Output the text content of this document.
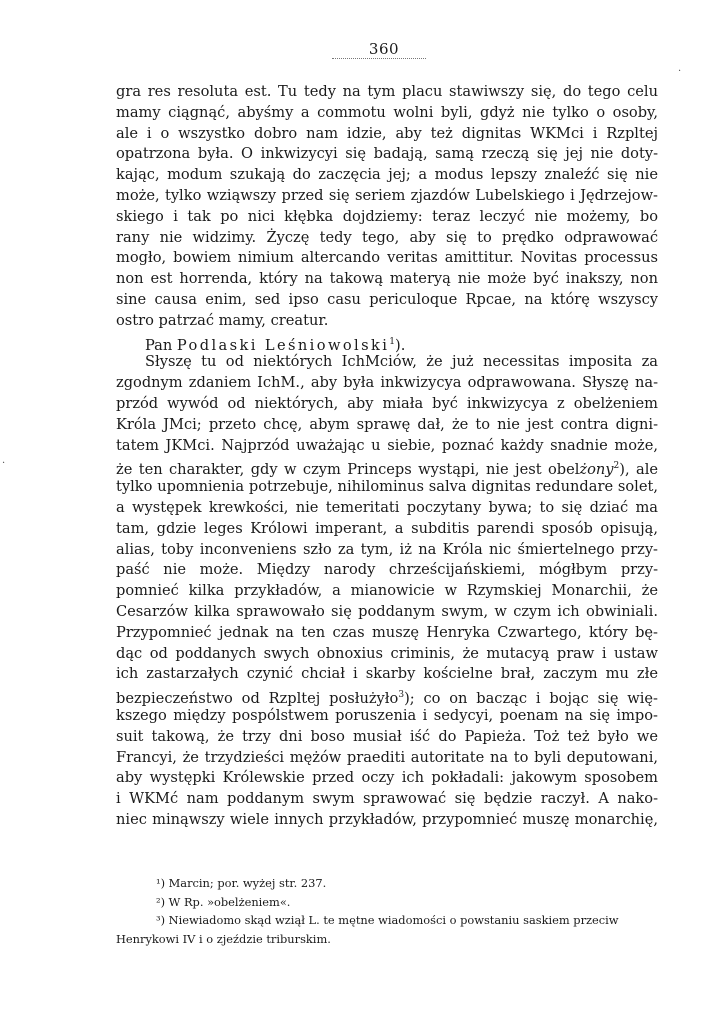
360
·
·
gra res resoluta est. Tu tedy na tym placu stawiwszy się, do tego celu
mamy ciągnąć, abyśmy a commotu wolni byli, gdyż nie tylko o osoby,
ale i o wszystko dobro nam idzie, aby też dignitas WKMci i Rzpltej
opatrzona była. O inkwizycyi się badają, samą rzeczą się jej nie doty-
kając, modum szukają do zaczęcia jej; a modus lepszy znaleźć się nie
może, tylko wziąwszy przed się seriem zjazdów Lubelskiego i Jędrzejow-
skiego i tak po nici kłębka dojdziemy: teraz leczyć nie możemy, bo
rany nie widzimy. Życzę tedy tego, aby się to prędko odprawować
mogło, bowiem nimium altercando veritas amittitur. Novitas processus
non est horrenda, który na takową materyą nie może być inakszy, non
sine causa enim, sed ipso casu periculoque Rpcae, na którę wszyscy
ostro patrzać mamy, creatur.
Pan Podlaski Leśniowolski$^1$).
Słyszę tu od niektórych IchMciów, że już necessitas imposita za
zgodnym zdaniem IchM., aby była inkwizycya odprawowana. Słyszę na-
przód wywód od niektórych, aby miała być inkwizycya z obelżeniem
Króla JMci; przeto chcę, abym sprawę dał, że to nie jest contra digni-
tatem JKMci. Najprzód uważając u siebie, poznać każdy snadnie może,
że ten charakter, gdy w czym Princeps wystąpi, nie jest obelżony$^2$), ale
tylko upomnienia potrzebuje, nihilominus salva dignitas redundare solet,
a występek krewkości, nie temeritati poczytany bywa; to się dziać ma
tam, gdzie leges Królowi imperant, a subditis parendi sposób opisują,
alias, toby inconveniens szło za tym, iż na Króla nic śmiertelnego przy-
paść nie może. Między narody chrześcijańskiemi, mógłbym przy-
pomnieć kilka przykładów, a mianowicie w Rzymskiej Monarchii, że
Cesarzów kilka sprawowało się poddanym swym, w czym ich obwiniali.
Przypomnieć jednak na ten czas muszę Henryka Czwartego, który bę-
dąc od poddanych swych obnoxius criminis, że mutacyą praw i ustaw
ich zastarzałych czynić chciał i skarby kościelne brał, zaczym mu złe
bezpieczeństwo od Rzpltej posłużyło$^3$); co on bacząc i bojąc się wię-
kszego między pospólstwem poruszenia i sedycyi, poenam na się impo-
suit takową, że trzy dni boso musiał iść do Papieża. Toż też było we
Francyi, że trzydzieści mężów praediti autoritate na to byli deputowani,
aby występki Królewskie przed oczy ich pokładali: jakowym sposobem
i WKMć nam poddanym swym sprawować się będzie raczył. A nako-
niec minąwszy wiele innych przykładów, przypomnieć muszę monarchię,
¹) Marcin; por. wyżej str. 237.
²) W Rp. »obelżeniem«.
³) Niewiadomo skąd wziął L. te mętne wiadomości o powstaniu saskiem przeciw
Henrykowi IV i o zjeździe triburskim.
